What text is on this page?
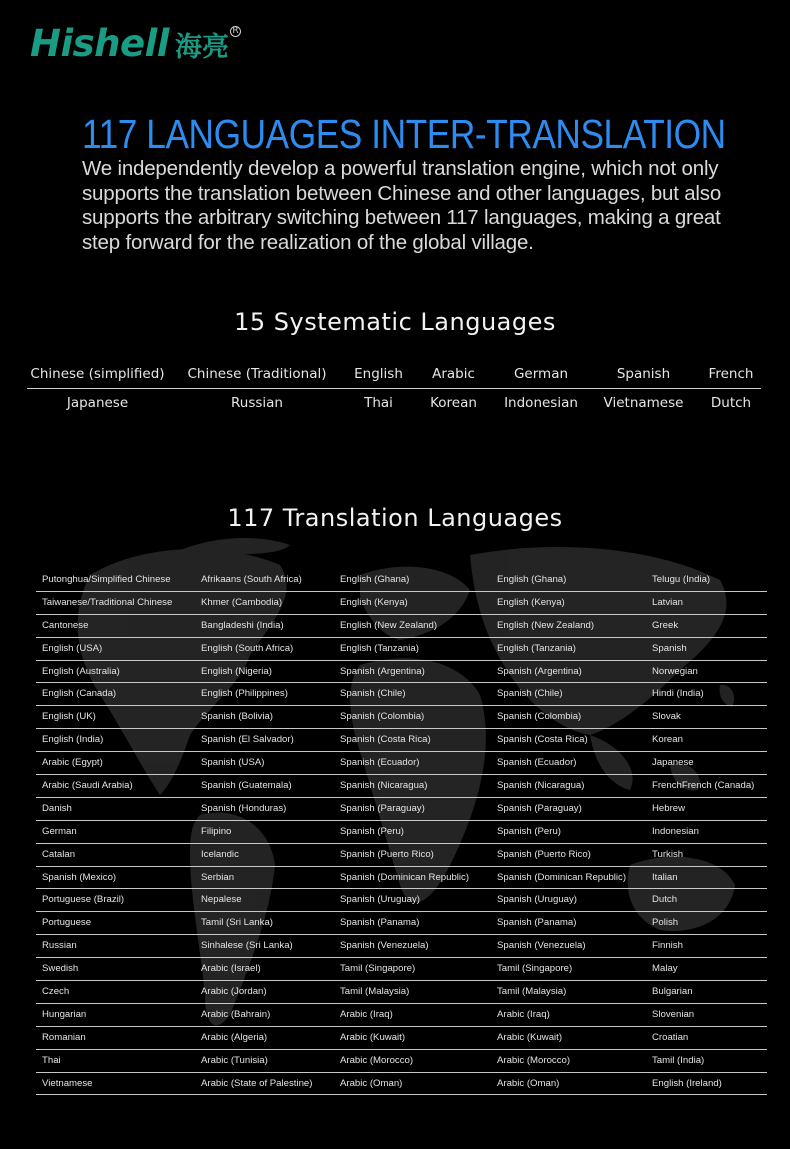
Hishell 海亮
R
117 LANGUAGES INTER-TRANSLATION
We independently develop a powerful translation engine, which not only supports the translation between Chinese and other languages, but also supports the arbitrary switching between 117 languages, making a great step forward for the realization of the global village.
15 Systematic Languages
Chinese (simplified)	Chinese (Traditional)	English	Arabic	German	Spanish	French
Japanese	Russian	Thai	Korean	Indonesian	Vietnamese	Dutch
117 Translation Languages
Putonghua/Simplified Chinese	Afrikaans (South Africa)	English (Ghana)	English (Ghana)	Telugu (India)
Taiwanese/Traditional Chinese	Khmer (Cambodia)	English (Kenya)	English (Kenya)	Latvian
Cantonese	Bangladeshi (India)	English (New Zealand)	English (New Zealand)	Greek
English (USA)	English (South Africa)	English (Tanzania)	English (Tanzania)	Spanish
English (Australia)	English (Nigeria)	Spanish (Argentina)	Spanish (Argentina)	Norwegian
English (Canada)	English (Philippines)	Spanish (Chile)	Spanish (Chile)	Hindi (India)
English (UK)	Spanish (Bolivia)	Spanish (Colombia)	Spanish (Colombia)	Slovak
English (India)	Spanish (El Salvador)	Spanish (Costa Rica)	Spanish (Costa Rica)	Korean
Arabic (Egypt)	Spanish (USA)	Spanish (Ecuador)	Spanish (Ecuador)	Japanese
Arabic (Saudi Arabia)	Spanish (Guatemala)	Spanish (Nicaragua)	Spanish (Nicaragua)	FrenchFrench (Canada)
Danish	Spanish (Honduras)	Spanish (Paraguay)	Spanish (Paraguay)	Hebrew
German	Filipino	Spanish (Peru)	Spanish (Peru)	Indonesian
Catalan	Icelandic	Spanish (Puerto Rico)	Spanish (Puerto Rico)	Turkish
Spanish (Mexico)	Serbian	Spanish (Dominican Republic)	Spanish (Dominican Republic)	Italian
Portuguese (Brazil)	Nepalese	Spanish (Uruguay)	Spanish (Uruguay)	Dutch
Portuguese	Tamil (Sri Lanka)	Spanish (Panama)	Spanish (Panama)	Polish
Russian	Sinhalese (Sri Lanka)	Spanish (Venezuela)	Spanish (Venezuela)	Finnish
Swedish	Arabic (Israel)	Tamil (Singapore)	Tamil (Singapore)	Malay
Czech	Arabic (Jordan)	Tamil (Malaysia)	Tamil (Malaysia)	Bulgarian
Hungarian	Arabic (Bahrain)	Arabic (Iraq)	Arabic (Iraq)	Slovenian
Romanian	Arabic (Algeria)	Arabic (Kuwait)	Arabic (Kuwait)	Croatian
Thai	Arabic (Tunisia)	Arabic (Morocco)	Arabic (Morocco)	Tamil (India)
Vietnamese	Arabic (State of Palestine)	Arabic (Oman)	Arabic (Oman)	English (Ireland)
